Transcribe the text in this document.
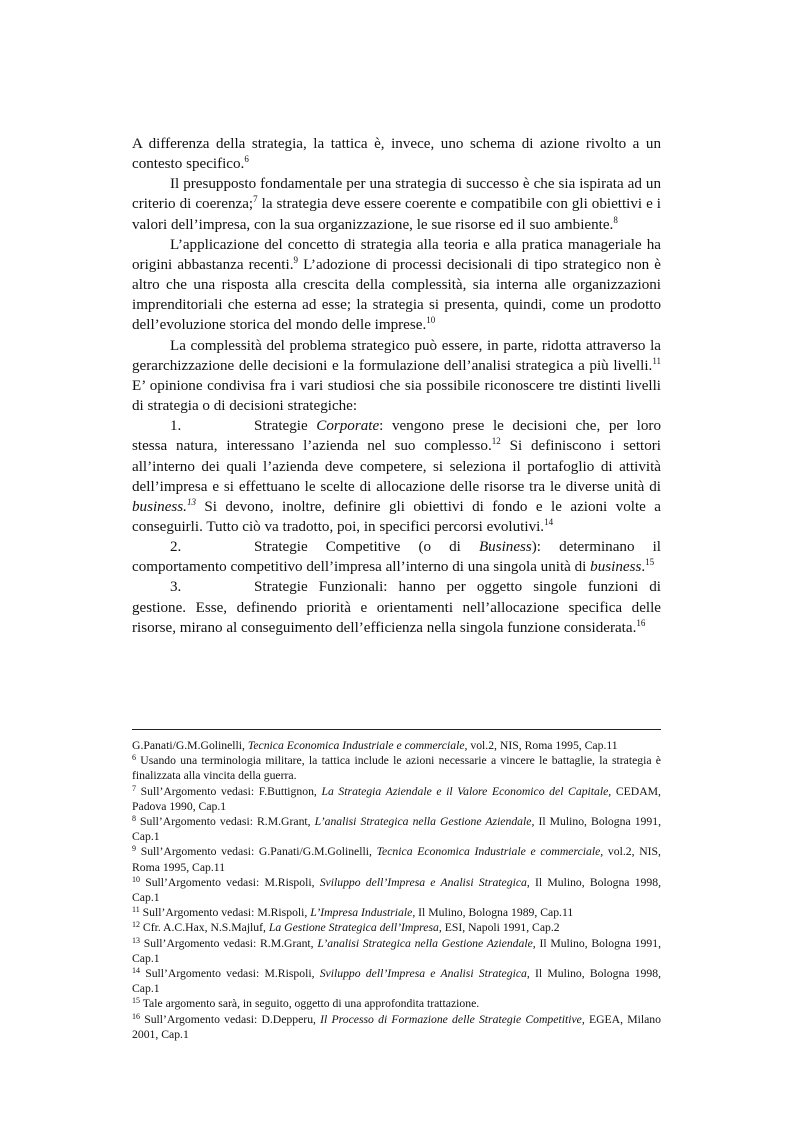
A differenza della strategia, la tattica è, invece, uno schema di azione rivolto a un contesto specifico.$^6$

Il presupposto fondamentale per una strategia di successo è che sia ispirata ad un criterio di coerenza;$^7$ la strategia deve essere coerente e compatibile con gli obiettivi e i valori dell’impresa, con la sua organizzazione, le sue risorse ed il suo ambiente.$^8$

L’applicazione del concetto di strategia alla teoria e alla pratica manageriale ha origini abbastanza recenti.$^9$ L’adozione di processi decisionali di tipo strategico non è altro che una risposta alla crescita della complessità, sia interna alle organizzazioni imprenditoriali che esterna ad esse; la strategia si presenta, quindi, come un prodotto dell’evoluzione storica del mondo delle imprese.$^{10}$

La complessità del problema strategico può essere, in parte, ridotta attraverso la gerarchizzazione delle decisioni e la formulazione dell’analisi strategica a più livelli.$^{11}$ E’ opinione condivisa fra i vari studiosi che sia possibile riconoscere tre distinti livelli di strategia o di decisioni strategiche:

1.	Strategie Corporate: vengono prese le decisioni che, per loro stessa natura, interessano l’azienda nel suo complesso.$^{12}$ Si definiscono i settori all’interno dei quali l’azienda deve competere, si seleziona il portafoglio di attività dell’impresa e si effettuano le scelte di allocazione delle risorse tra le diverse unità di business.$^{13}$ Si devono, inoltre, definire gli obiettivi di fondo e le azioni volte a conseguirli. Tutto ciò va tradotto, poi, in specifici percorsi evolutivi.$^{14}$

2.	Strategie Competitive (o di Business): determinano il comportamento competitivo dell’impresa all’interno di una singola unità di business.$^{15}$

3.	Strategie Funzionali: hanno per oggetto singole funzioni di gestione. Esse, definendo priorità e orientamenti nell’allocazione specifica delle risorse, mirano al conseguimento dell’efficienza nella singola funzione considerata.$^{16}$

G.Panati/G.M.Golinelli, Tecnica Economica Industriale e commerciale, vol.2, NIS, Roma 1995, Cap.11

$^6$ Usando una terminologia militare, la tattica include le azioni necessarie a vincere le battaglie, la strategia è finalizzata alla vincita della guerra.

$^7$ Sull’Argomento vedasi: F.Buttignon, La Strategia Aziendale e il Valore Economico del Capitale, CEDAM, Padova 1990, Cap.1

$^8$ Sull’Argomento vedasi: R.M.Grant, L’analisi Strategica nella Gestione Aziendale, Il Mulino, Bologna 1991, Cap.1

$^9$ Sull’Argomento vedasi: G.Panati/G.M.Golinelli, Tecnica Economica Industriale e commerciale, vol.2, NIS, Roma 1995, Cap.11

$^{10}$ Sull’Argomento vedasi: M.Rispoli, Sviluppo dell’Impresa e Analisi Strategica, Il Mulino, Bologna 1998, Cap.1

$^{11}$ Sull’Argomento vedasi: M.Rispoli, L’Impresa Industriale, Il Mulino, Bologna 1989, Cap.11

$^{12}$ Cfr. A.C.Hax, N.S.Majluf, La Gestione Strategica dell’Impresa, ESI, Napoli 1991, Cap.2

$^{13}$ Sull’Argomento vedasi: R.M.Grant, L’analisi Strategica nella Gestione Aziendale, Il Mulino, Bologna 1991, Cap.1

$^{14}$ Sull’Argomento vedasi: M.Rispoli, Sviluppo dell’Impresa e Analisi Strategica, Il Mulino, Bologna 1998, Cap.1

$^{15}$ Tale argomento sarà, in seguito, oggetto di una approfondita trattazione.

$^{16}$ Sull’Argomento vedasi: D.Depperu, Il Processo di Formazione delle Strategie Competitive, EGEA, Milano 2001, Cap.1
